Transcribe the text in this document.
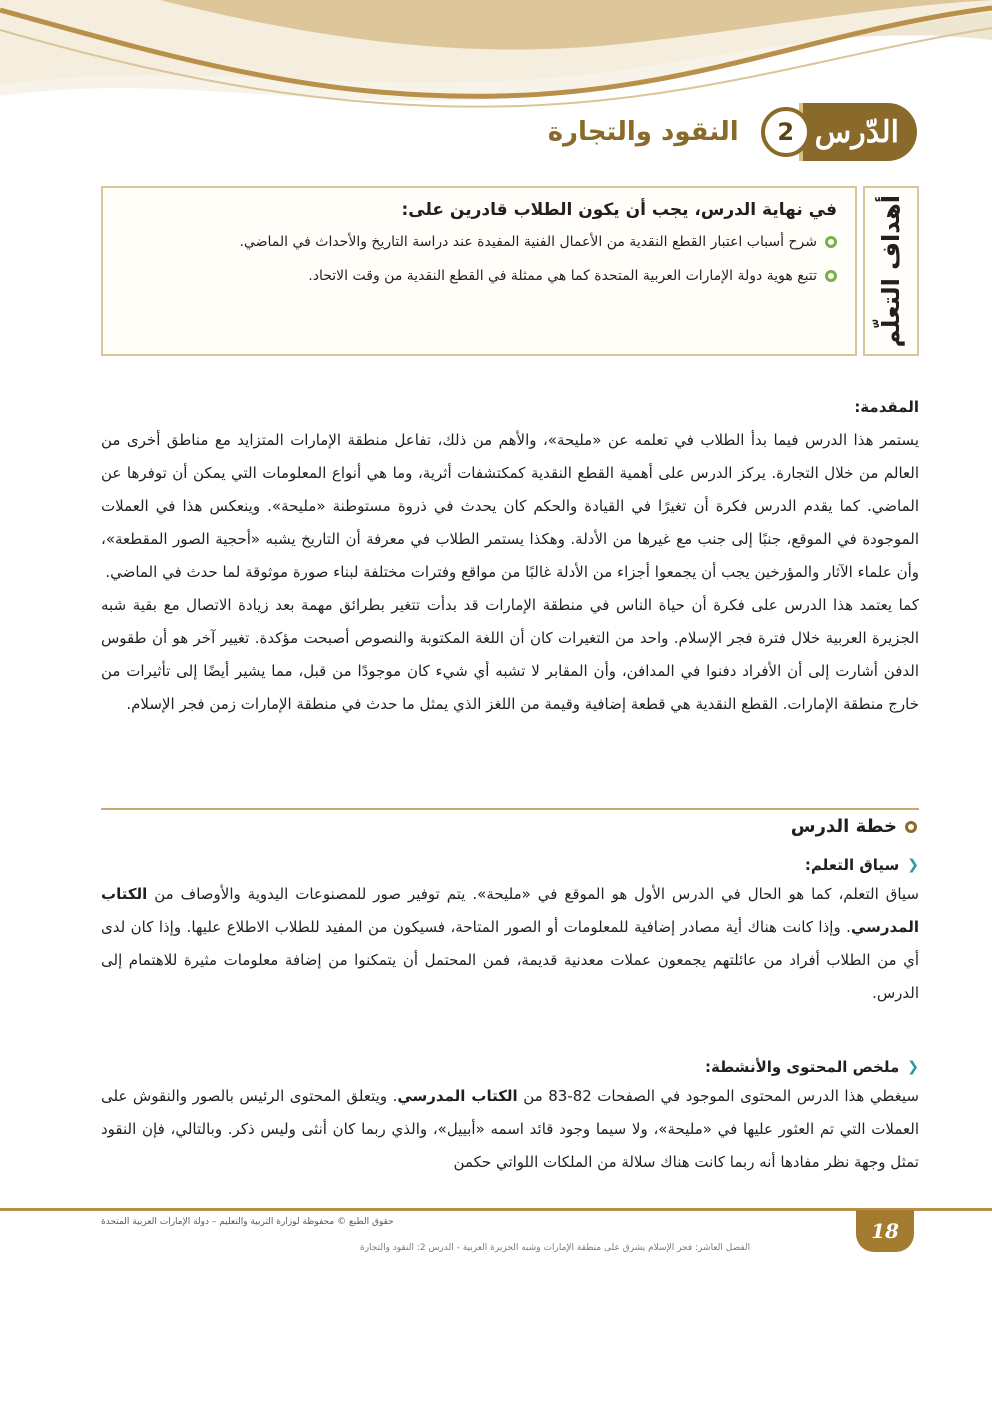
الدّرس
2
النقود والتجارة
في نهاية الدرس، يجب أن يكون الطلاب قادرين على:
شرح أسباب اعتبار القطع النقدية من الأعمال الفنية المفيدة عند دراسة التاريخ والأحداث في الماضي.
تتبع هوية دولة الإمارات العربية المتحدة كما هي ممثلة في القطع النقدية من وقت الاتحاد.	أهداف التعلّم
المقدمة:

يستمر هذا الدرس فيما بدأ الطلاب في تعلمه عن «مليحة»، والأهم من ذلك، تفاعل منطقة الإمارات المتزايد مع مناطق أخرى من العالم من خلال التجارة. يركز الدرس على أهمية القطع النقدية كمكتشفات أثرية، وما هي أنواع المعلومات التي يمكن أن توفرها عن الماضي. كما يقدم الدرس فكرة أن تغيرًا في القيادة والحكم كان يحدث في ذروة مستوطنة «مليحة». وينعكس هذا في العملات الموجودة في الموقع، جنبًا إلى جنب مع غيرها من الأدلة. وهكذا يستمر الطلاب في معرفة أن التاريخ يشبه «أحجية الصور المقطعة»، وأن علماء الآثار والمؤرخين يجب أن يجمعوا أجزاء من الأدلة غالبًا من مواقع وفترات مختلفة لبناء صورة موثوقة لما حدث في الماضي.

كما يعتمد هذا الدرس على فكرة أن حياة الناس في منطقة الإمارات قد بدأت تتغير بطرائق مهمة بعد زيادة الاتصال مع بقية شبه الجزيرة العربية خلال فترة فجر الإسلام. واحد من التغيرات كان أن اللغة المكتوبة والنصوص أصبحت مؤكدة. تغيير آخر هو أن طقوس الدفن أشارت إلى أن الأفراد دفنوا في المدافن، وأن المقابر لا تشبه أي شيء كان موجودًا من قبل، مما يشير أيضًا إلى تأثيرات من خارج منطقة الإمارات. القطع النقدية هي قطعة إضافية وقيمة من اللغز الذي يمثل ما حدث في منطقة الإمارات زمن فجر الإسلام.

خطة الدرس
❮
سياق التعلم:

سياق التعلم، كما هو الحال في الدرس الأول هو الموقع في «مليحة». يتم توفير صور للمصنوعات اليدوية والأوصاف من الكتاب المدرسي. وإذا كانت هناك أية مصادر إضافية للمعلومات أو الصور المتاحة، فسيكون من المفيد للطلاب الاطلاع عليها. وإذا كان لدى أي من الطلاب أفراد من عائلتهم يجمعون عملات معدنية قديمة، فمن المحتمل أن يتمكنوا من إضافة معلومات مثيرة للاهتمام إلى الدرس.

❮
ملخص المحتوى والأنشطة:

سيغطي هذا الدرس المحتوى الموجود في الصفحات 82-83 من الكتاب المدرسي. ويتعلق المحتوى الرئيس بالصور والنقوش على العملات التي تم العثور عليها في «مليحة»، ولا سيما وجود قائد اسمه «أبييل»، والذي ربما كان أنثى وليس ذكر. وبالتالي، فإن النقود تمثل وجهة نظر مفادها أنه ربما كانت هناك سلالة من الملكات اللواتي حكمن

18
حقوق الطبع © محفوظة لوزارة التربية والتعليم – دولة الإمارات العربية المتحدة
الفصل العاشر: فجر الإسلام يشرق على منطقة الإمارات وشبه الجزيرة العربية - الدرس 2: النقود والتجارة
